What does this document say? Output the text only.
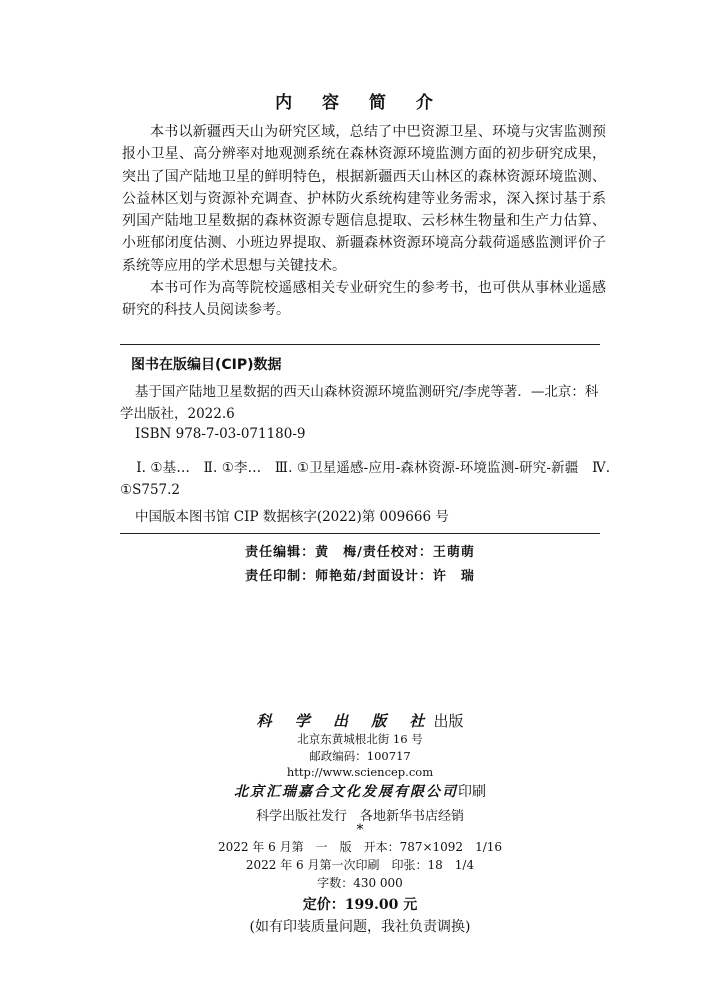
内 容 简 介

本书以新疆西天山为研究区域，总结了中巴资源卫星、环境与灾害监测预报小卫星、高分辨率对地观测系统在森林资源环境监测方面的初步研究成果，突出了国产陆地卫星的鲜明特色，根据新疆西天山林区的森林资源环境监测、公益林区划与资源补充调查、护林防火系统构建等业务需求，深入探讨基于系列国产陆地卫星数据的森林资源专题信息提取、云杉林生物量和生产力估算、小班郁闭度估测、小班边界提取、新疆森林资源环境高分载荷遥感监测评价子系统等应用的学术思想与关键技术。

本书可作为高等院校遥感相关专业研究生的参考书，也可供从事林业遥感研究的科技人员阅读参考。

图书在版编目(CIP)数据
基于国产陆地卫星数据的西天山森林资源环境监测研究/李虎等著．—北京：科学出版社，2022.6
ISBN 978-7-03-071180-9
Ⅰ. ①基…　Ⅱ. ①李…　Ⅲ. ①卫星遥感-应用-森林资源-环境监测-研究-新疆　Ⅳ. ①S757.2
中国版本图书馆 CIP 数据核字(2022)第 009666 号
责任编辑：黄　梅/责任校对：王萌萌
责任印制：师艳茹/封面设计：许　瑞
科 学 出 版 社出版
北京东黄城根北街 16 号
邮政编码：100717
http://www.sciencep.com
北京汇瑞嘉合文化发展有限公司印刷
科学出版社发行　各地新华书店经销
*
2022 年 6 月第　一　版　开本：787×1092　1/16
2022 年 6 月第一次印刷　印张：18　1/4
字数：430 000
定价：199.00 元
(如有印装质量问题，我社负责调换)
